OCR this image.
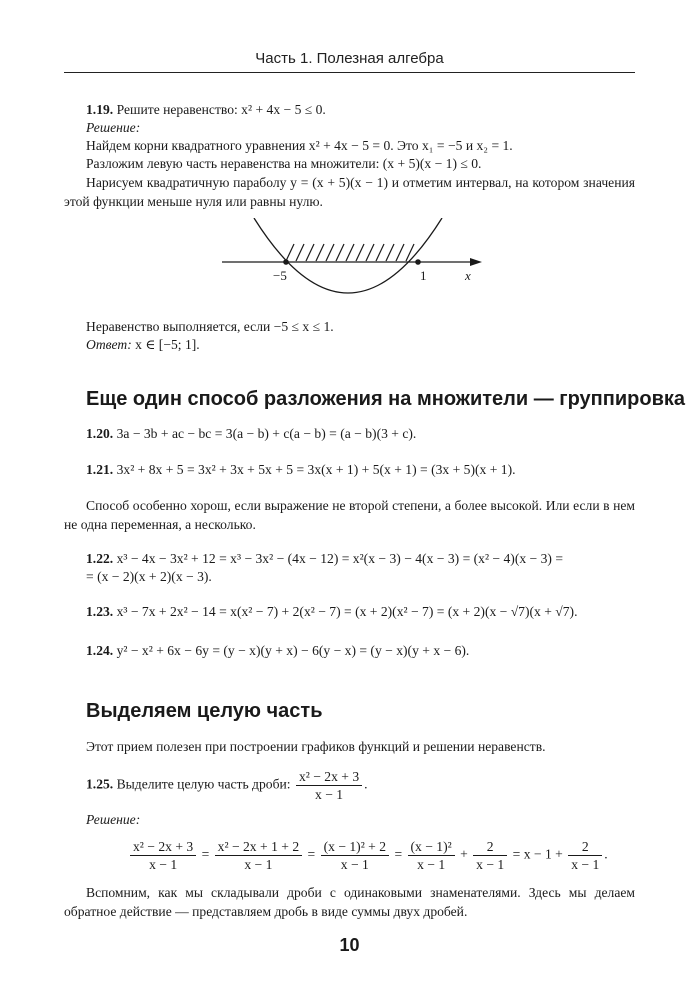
Часть 1. Полезная алгебра
1.19. Решите неравенство: x² + 4x − 5 ≤ 0.
Решение:
Найдем корни квадратного уравнения x² + 4x − 5 = 0. Это x₁ = −5 и x₂ = 1.
Разложим левую часть неравенства на множители: (x + 5)(x − 1) ≤ 0.
Нарисуем квадратичную параболу y = (x + 5)(x − 1) и отметим интервал, на котором значения этой функции меньше нуля или равны нулю.
−5	1	x
Неравенство выполняется, если −5 ≤ x ≤ 1.
Ответ: x ∈ [−5; 1].
Еще один способ разложения на множители — группировка
1.20. 3a − 3b + ac − bc = 3(a − b) + c(a − b) = (a − b)(3 + c).
1.21. 3x² + 8x + 5 = 3x² + 3x + 5x + 5 = 3x(x + 1) + 5(x + 1) = (3x + 5)(x + 1).
Способ особенно хорош, если выражение не второй степени, а более высокой. Или если в нем не одна переменная, а несколько.
1.22. x³ − 4x − 3x² + 12 = x³ − 3x² − (4x − 12) = x²(x − 3) − 4(x − 3) = (x² − 4)(x − 3) =
= (x − 2)(x + 2)(x − 3).
1.23. x³ − 7x + 2x² − 14 = x(x² − 7) + 2(x² − 7) = (x + 2)(x² − 7) = (x + 2)(x − √7)(x + √7).
1.24. y² − x² + 6x − 6y = (y − x)(y + x) − 6(y − x) = (y − x)(y + x − 6).
Выделяем целую часть
Этот прием полезен при построении графиков функций и решении неравенств.
1.25. Выделите целую часть дроби: $\frac{\text{x² − 2x + 3}}{x - 1}$ .
Решение:
$\frac{\text{x² − 2x + 3}}{x - 1} = \frac{\text{x² − 2x + 1 + 2}}{x - 1} = \frac{\text{(x − 1)² + 2}}{x - 1} = \frac{\text{(x − 1)²}}{x - 1} + \frac{2}{x - 1} = x - 1 + \frac{2}{x - 1}$ .
Вспомним, как мы складывали дроби с одинаковыми знаменателями. Здесь мы делаем обратное действие — представляем дробь в виде суммы двух дробей.
10
